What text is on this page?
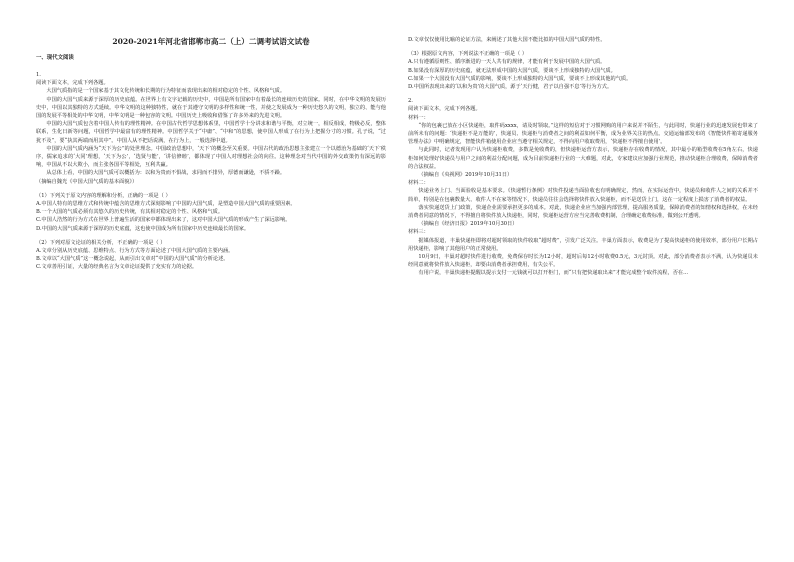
2020-2021年河北省邯郸市高二（上）二调考试语文试卷
一、现代文阅读

1.

阅读下面文本，完成下列各题。

大国气质指的是一个国家基于其文化传统和长期的行为特征而表现出来的相对稳定的个性、风格和气质。

中国的大国气质来源于深厚的历史底蕴。在世界上有文字记载的历史中，中国是所有国家中有着最长的连续历史的国家。同时，在中华文明的发展历史中，中国以其独特的方式延续。中华文明的这种独特性，就在于其遵守文明的多样性和统一性，并使之发展成为一种历史悠久的文明，独立的、能与他国的发展平等相处的中华文明，中华文明是一种包容的文明。中国历史上吸收和借鉴了许多外来的先进文明。

中国的大国气质包含着中国人传有的理性精神。在中国古代哲学思想体系里，中国哲学十分讲求和谐与平衡，对立统一，相反相成，物极必反，整体联系，生化日新等问题，中国哲学中最富有的理性精神。中国哲学关于“中庸”、“中和”的思想，使中国人形成了在行为上把握分寸的习惯。孔子说，“过犹不及”，要“执其两端而用其中”。中国人从不把话说满，在行为上，一般选择中道。

中国的大国气质内涵为“天下为公”的处世理念。中国政治思想中，‘天下’的概念至关重要。中国古代的政治思想主张建立一个以德治为基础的‘天下’秩序，儒家追求的‘大同’理想，‘天下为公’，‘选贤与能’，‘讲信修睦’，都体现了中国人对理想社会的向往。这种理念对当代中国的外交政策仍有深远的影响，中国从不以大欺小，而主张各国平等相处，互利共赢。

从总体上看，中国的大国气质可以概括为：以和为贵而不惧战，求同而不排异，厚德而谦逊，不骄不躁。

（摘编自魏光《中国大国气质的基本面貌》）

（1）下列关于原文内容的理解和分析，正确的一项是（ ）

A.中国人特有的思维方式和传统中蕴含的思维方式深刻影响了中国的大国气质，是塑造中国大国气质的重要因素。

B.一个大国的气质必须有其悠久的历史传统，有其相对稳定的个性、风格和气质。

C.中国人浩然的行为方式在世界上普遍生活的国家中都体现出来了，这对中国大国气质的形成产生了深远影响。

D.中国的大国气质来源于深厚的历史底蕴，这也使中国成为所有国家中历史连续最长的国家。

（2）下列对原文论证的相关分析，不正确的一项是（ ）

A.文章分别从历史底蕴、思维特点、行为方式等方面论述了中国大国气质的主要内涵。

B.文章以“大国气质”这一概念说起，从而引出文章对“中国的大国气质”的分析论述。

C.文章善用引证，大量的经典名言为文章论证提供了充实有力的论据。

D.文章仅仅使用比喻的论证方法，来阐述了其他大国不能比拟的中国大国气质的特性。

（3）根据原文内容，下列说法不正确的一项是（ ）

A.只有遵循原则性、循序渐进的一天人共有的规律，才能有利于发展中国的大国气质。

B.如果没有深厚的历史底蕴，就无法形成中国的大国气质，要谈不上形成独特的大国气质。

C.如果一个大国没有大国气质的影响，要谈不上形成独特的大国气质，要谈不上形成其他的气质。

D.中国所表现出来的‘以和为贵’的大国气质，源于‘天行健，君子以自强不息’等行为方式。

2.

阅读下面文本，完成下列各题。

材料一：

“你的包裹已放在小区快递柜，取件码xxxx，请及时领取。”这样的短信对于习惯网购的用户来说并不陌生，与此同时，快递行业的迅速发展也带来了前所未有的问题：‘快递柜不是万能的’，快递员、快递柜与消费者之间的利益如何平衡，成为业界关注的热点。交通运输部发布的《智能快件箱寄递服务管理办法》中明确规定，智能快件箱使用企业应当遵守相关规定，不得向用户收取费用，‘快递柜不得擅自使用’。

与此同时，记者发现用户认为快递柜收费，多数是免收费的，但快递柜运营方表示，快递柜存在收费的情况，其中最小的箱型收费在5角左右，快递柜如何处理好快递员与用户之间的利益分配问题，成为目前快递柜行业的一大难题，对此，专家建议应加强行业规范，推动快递柜合理收费，保障消费者的合法权益。

（摘编自《央视网》2019年10月31日）

材料二：

快递业务上门、当面验收是基本要求。《快递暂行条例》对快件投递当面验收也有明确规定，然而，在实际运营中，快递员和收件人之间的关系并不简单，特别是在包裹数量大、收件人不在家等情况下，快递员往往会选择将快件放入快递柜，而不是送货上门，这在一定程度上损害了消费者的权益。

落实快递送货上门政策，快递企业需要承担更多的成本。对此，快递企业应当加强内部管理，提高服务质量，保障消费者的知情权和选择权，在未经消费者同意的情况下，不得擅自将快件放入快递柜，同时，快递柜运营方应当完善收费机制，合理确定收费标准，做到公开透明。

（摘编自《经济日报》2019年10月30日）

材料三：

据媒体报道，丰巢快递柜即将对超时领取的快件收取“超时费”，引发广泛关注。丰巢方面表示，收费是为了提高快递柜的使用效率，部分用户长期占用快递柜，影响了其他用户的正常使用。

10月9日，丰巢对超时快件进行收费，免费保存时长为12小时，超时后每12小时收费0.5元，3元封顶。对此，部分消费者表示不满，认为快递员未经同意就将快件放入快递柜，却要由消费者承担费用，有失公平。

有用户说，丰巢快递柜提醒以提示支付一元钱就可以打开柜门，而“只有把快递取出来”才能完成整个取件流程，否在...
